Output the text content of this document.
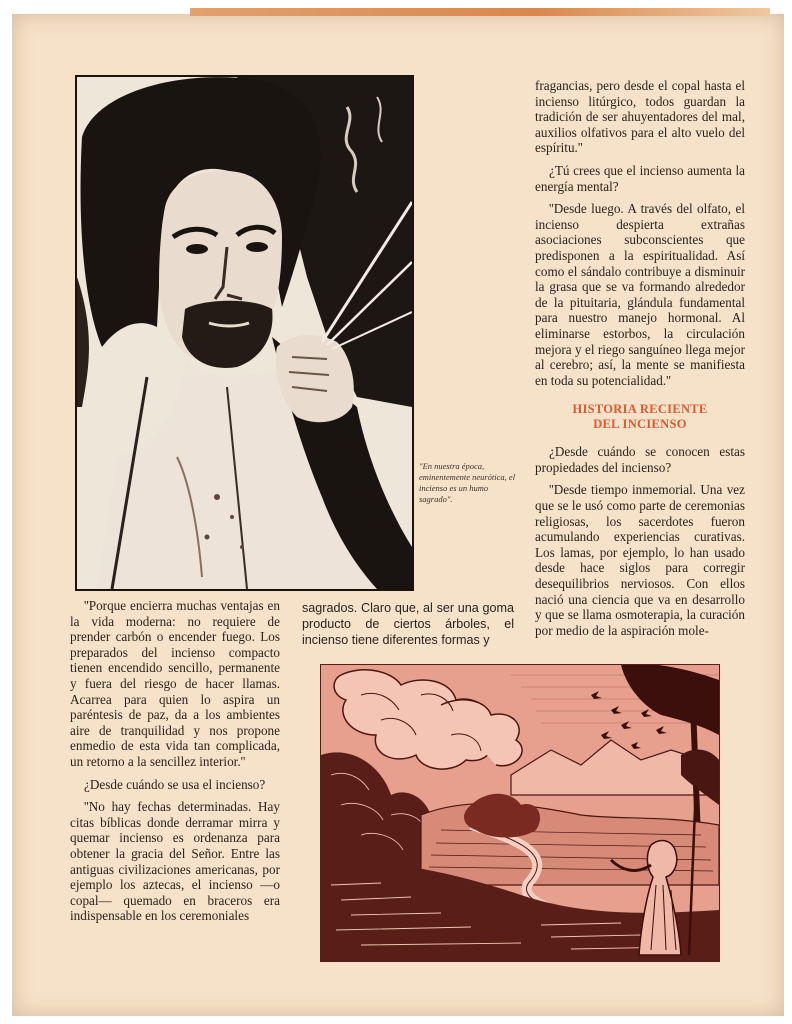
"En nuestra época, eminentemente neurótica, el incienso es un humo sagrado".

fragancias, pero desde el copal hasta el incienso litúrgico, todos guardan la tradición de ser ahuyentadores del mal, auxilios olfativos para el alto vuelo del espíritu.''

¿Tú crees que el incienso aumenta la energía mental?

''Desde luego. A través del olfato, el incienso despierta extrañas asociaciones subconscientes que predisponen a la espiritualidad. Así como el sándalo contribuye a disminuir la grasa que se va formando alrededor de la pituitaria, glándula fundamental para nuestro manejo hormonal. Al eliminarse estorbos, la circulación mejora y el riego sanguíneo llega mejor al cerebro; así, la mente se manifiesta en toda su potencialidad.''

HISTORIA RECIENTE
DEL INCIENSO

¿Desde cuándo se conocen estas propiedades del incienso?

''Desde tiempo inmemorial. Una vez que se le usó como parte de ceremonias religiosas, los sacerdotes fueron acumulando experiencias curativas. Los lamas, por ejemplo, lo han usado desde hace siglos para corregir desequilibrios nerviosos. Con ellos nació una ciencia que va en desarrollo y que se llama osmoterapia, la curación por medio de la aspiración mole-

''Porque encierra muchas ventajas en la vida moderna: no requiere de prender carbón o encender fuego. Los preparados del incienso compacto tienen encendido sencillo, permanente y fuera del riesgo de hacer llamas. Acarrea para quien lo aspira un paréntesis de paz, da a los ambientes aire de tranquilidad y nos propone enmedio de esta vida tan complicada, un retorno a la sencillez interior.''

¿Desde cuándo se usa el incienso?

''No hay fechas determinadas. Hay citas bíblicas donde derramar mirra y quemar incienso es ordenanza para obtener la gracia del Señor. Entre las antiguas civilizaciones americanas, por ejemplo los aztecas, el incienso —o copal— quemado en braceros era indispensable en los ceremoniales

sagrados. Claro que, al ser una goma producto de ciertos árboles, el incienso tiene diferentes formas y
